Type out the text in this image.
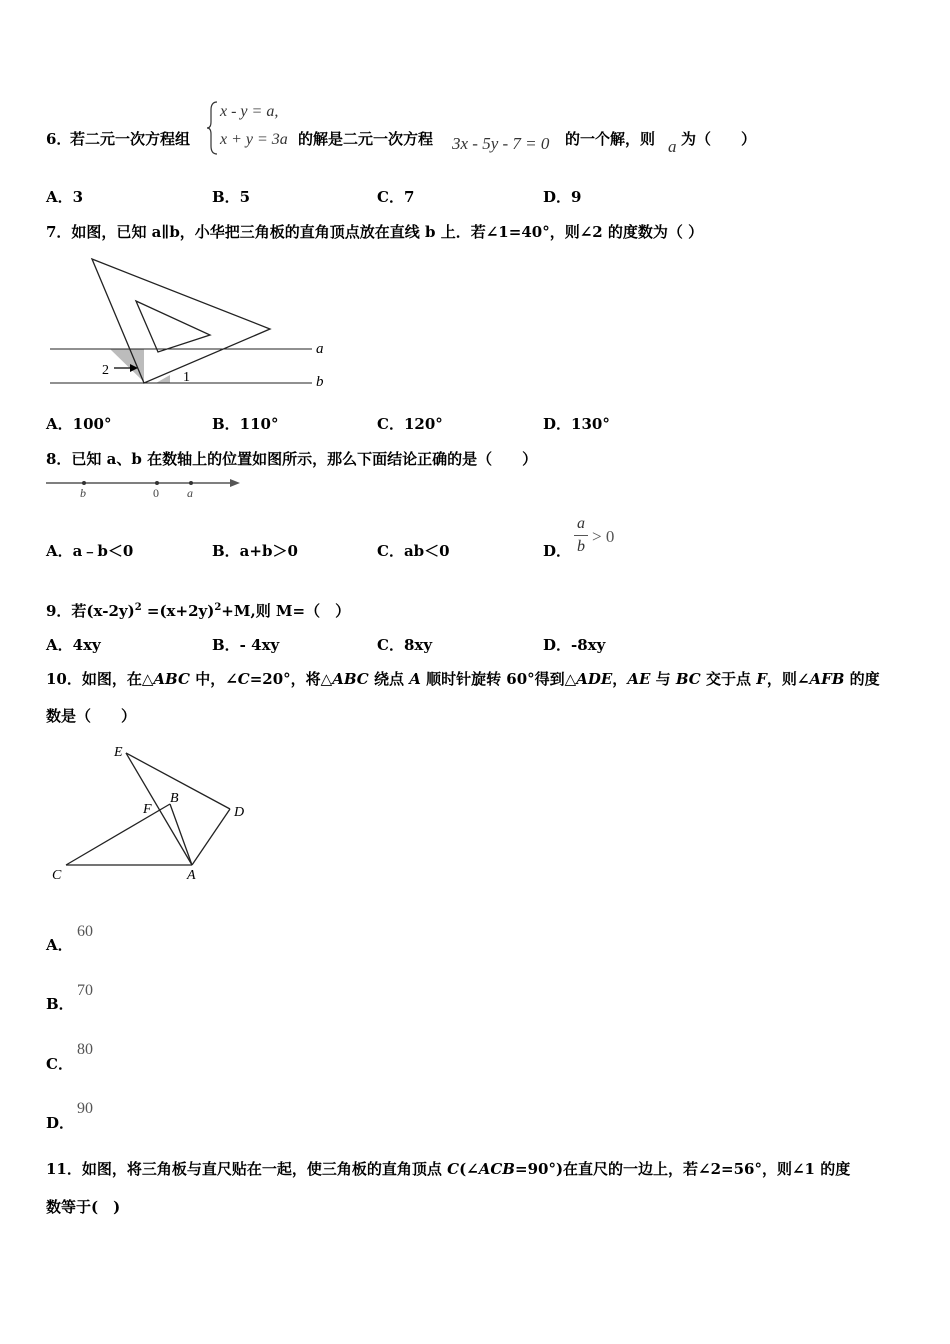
6．
若二元一次方程组
x - y = a,
x + y = 3a 的解是二元一次方程 3x - 5y - 7 = 0 的一个解，则 a 为（　　）
A．3	B．5	C．7	D．9
7．如图，已知 a∥b，小华把三角板的直角顶点放在直线 b 上．若∠1=40°，则∠2 的度数为（ ）
2	1
a
b
A．100°	B．110°	C．120°	D．130°
8．已知 a、b 在数轴上的位置如图所示，那么下面结论正确的是（　　）
b	0 a
A．a﹣b＜0	B．a+b＞0	C．ab＜0	D．
a
b
> 0
9．若$(x-2y)^2 =(x+2y)^2+M$,则 M=（　）
A．4xy	B．- 4xy	C．8xy	D．-8xy
10．如图，在△ABC 中，∠C=20°，将△ABC 绕点 A 顺时针旋转 60°得到△ADE，AE 与 BC 交于点 F，则∠AFB 的度
数是（　　）
E
F
B
D
C	A
A．
60
B．
70
C．
80
D．
90
11．如图，将三角板与直尺贴在一起，使三角板的直角顶点 C(∠ACB=90°)在直尺的一边上，若∠2=56°，则∠1 的度
数等于(　)
